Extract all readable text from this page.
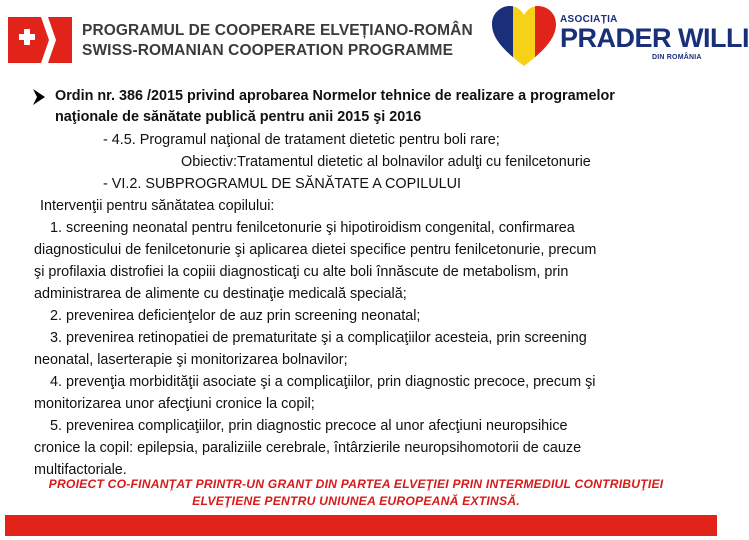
PROGRAMUL DE COOPERARE ELVEȚIANO-ROMÂN
SWISS-ROMANIAN COOPERATION PROGRAMME
ASOCIAȚIA
PRADER WILLI
DIN ROMÂNIA
Ordin nr. 386 /2015 privind aprobarea Normelor tehnice de realizare a programelor
naţionale de sănătate publică pentru anii 2015 şi 2016
- 4.5. Programul naţional de tratament dietetic pentru boli rare;
Obiectiv:Tratamentul dietetic al bolnavilor adulţi cu fenilcetonurie
- VI.2. SUBPROGRAMUL DE SĂNĂTATE A COPILULUI
Intervenţii pentru sănătatea copilului:
1. screening neonatal pentru fenilcetonurie şi hipotiroidism congenital, confirmarea
diagnosticului de fenilcetonurie şi aplicarea dietei specifice pentru fenilcetonurie, precum
şi profilaxia distrofiei la copiii diagnosticaţi cu alte boli înnăscute de metabolism, prin
administrarea de alimente cu destinaţie medicală specială;
2. prevenirea deficienţelor de auz prin screening neonatal;
3. prevenirea retinopatiei de prematuritate şi a complicaţiilor acesteia, prin screening
neonatal, laserterapie şi monitorizarea bolnavilor;
4. prevenţia morbidităţii asociate şi a complicaţiilor, prin diagnostic precoce, precum şi
monitorizarea unor afecţiuni cronice la copil;
5. prevenirea complicaţiilor, prin diagnostic precoce al unor afecţiuni neuropsihice
cronice la copil: epilepsia, paraliziile cerebrale, întârzierile neuropsihomotorii de cauze
multifactoriale.
PROIECT CO-FINANŢAT PRINTR-UN GRANT DIN PARTEA ELVEŢIEI PRIN INTERMEDIUL CONTRIBUŢIEI
ELVEŢIENE PENTRU UNIUNEA EUROPEANĂ EXTINSĂ.
